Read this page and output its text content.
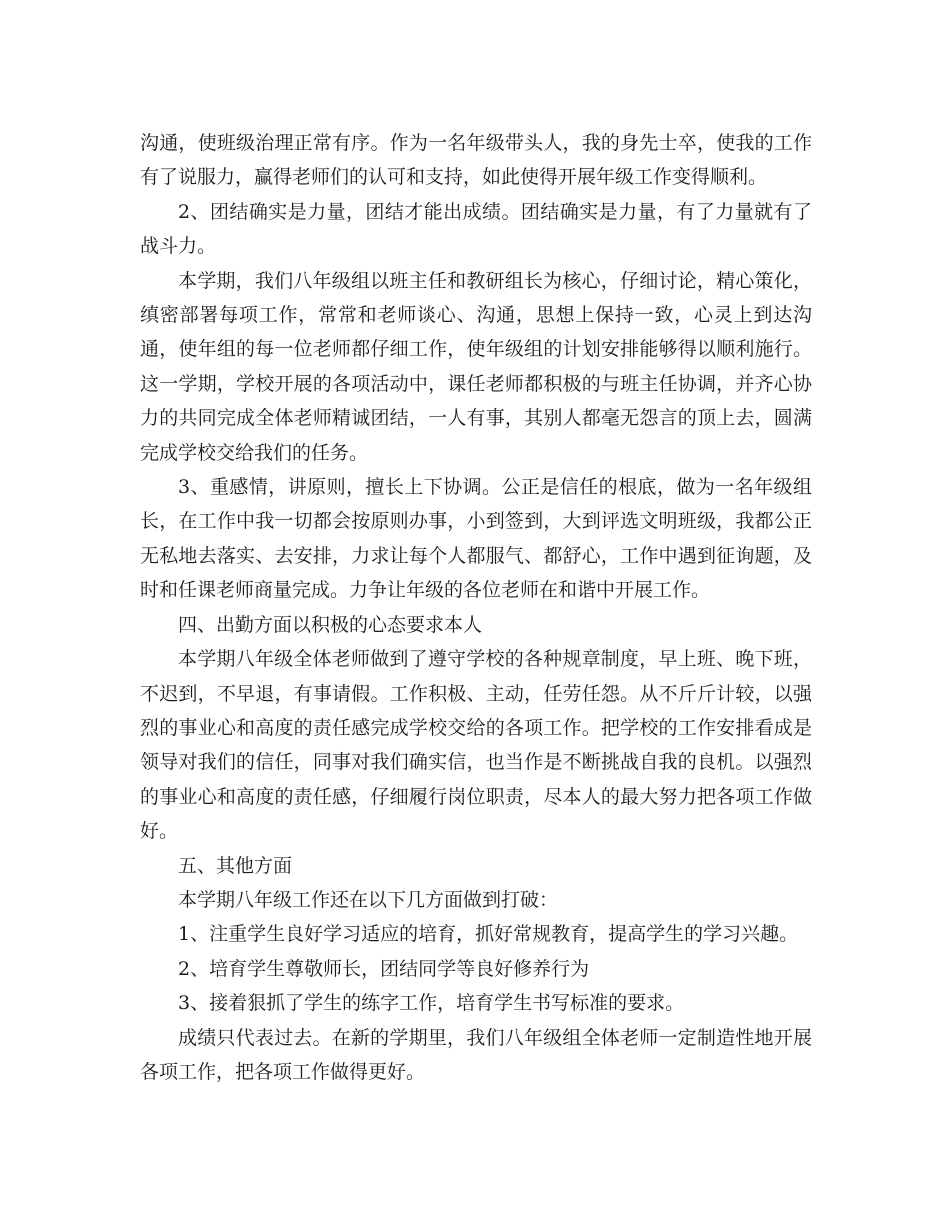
沟通，使班级治理正常有序。作为一名年级带头人，我的身先士卒，使我的工作有了说服力，赢得老师们的认可和支持，如此使得开展年级工作变得顺利。

2、团结确实是力量，团结才能出成绩。团结确实是力量，有了力量就有了战斗力。

本学期，我们八年级组以班主任和教研组长为核心，仔细讨论，精心策化，缜密部署每项工作，常常和老师谈心、沟通，思想上保持一致，心灵上到达沟通，使年组的每一位老师都仔细工作，使年级组的计划安排能够得以顺利施行。这一学期，学校开展的各项活动中，课任老师都积极的与班主任协调，并齐心协力的共同完成全体老师精诚团结，一人有事，其别人都毫无怨言的顶上去，圆满完成学校交给我们的任务。

3、重感情，讲原则，擅长上下协调。公正是信任的根底，做为一名年级组长，在工作中我一切都会按原则办事，小到签到，大到评选文明班级，我都公正无私地去落实、去安排，力求让每个人都服气、都舒心，工作中遇到征询题，及时和任课老师商量完成。力争让年级的各位老师在和谐中开展工作。

四、出勤方面以积极的心态要求本人

本学期八年级全体老师做到了遵守学校的各种规章制度，早上班、晚下班，不迟到，不早退，有事请假。工作积极、主动，任劳任怨。从不斤斤计较，以强烈的事业心和高度的责任感完成学校交给的各项工作。把学校的工作安排看成是领导对我们的信任，同事对我们确实信，也当作是不断挑战自我的良机。以强烈的事业心和高度的责任感，仔细履行岗位职责，尽本人的最大努力把各项工作做好。

五、其他方面

本学期八年级工作还在以下几方面做到打破：

1、注重学生良好学习适应的培育，抓好常规教育，提高学生的学习兴趣。

2、培育学生尊敬师长，团结同学等良好修养行为

3、接着狠抓了学生的练字工作，培育学生书写标准的要求。

成绩只代表过去。在新的学期里，我们八年级组全体老师一定制造性地开展各项工作，把各项工作做得更好。
